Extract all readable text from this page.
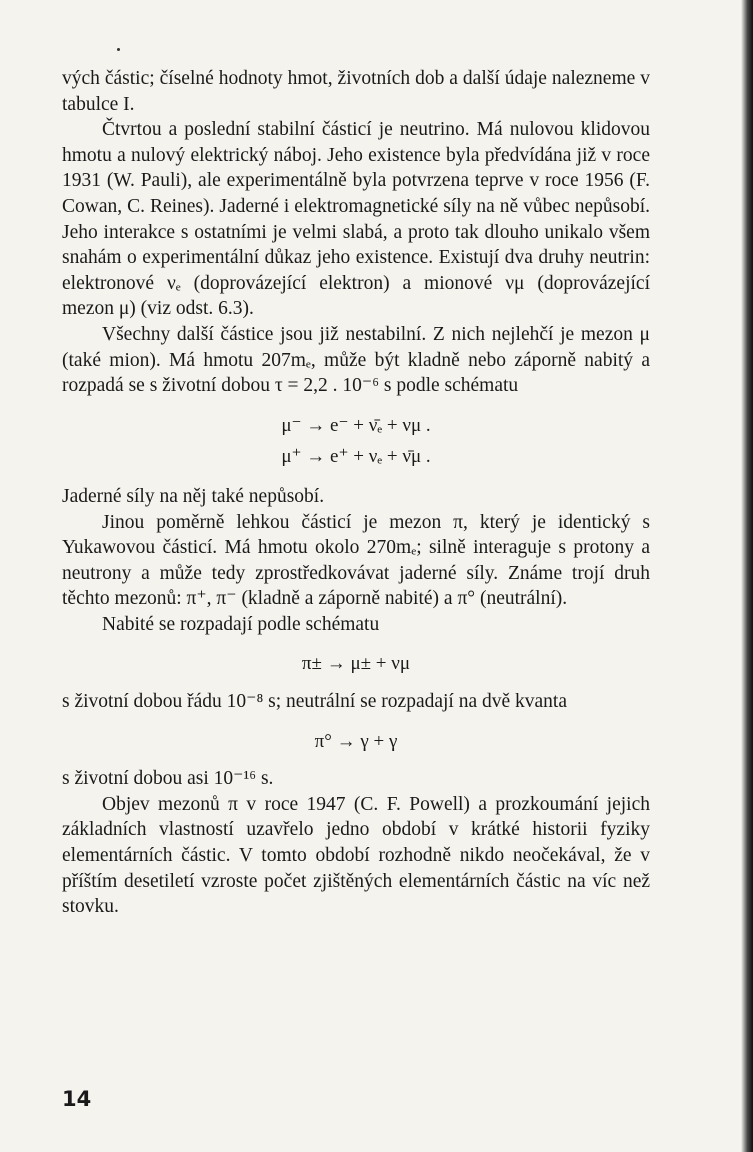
vých částic; číselné hodnoty hmot, životních dob a další údaje nalezneme v tabulce I.

Čtvrtou a poslední stabilní částicí je neutrino. Má nulovou klidovou hmotu a nulový elektrický náboj. Jeho existence byla předvídána již v roce 1931 (W. Pauli), ale experimentálně byla potvrzena teprve v roce 1956 (F. Cowan, C. Reines). Jaderné i elektromagnetické síly na ně vůbec nepůsobí. Jeho interakce s ostatními je velmi slabá, a proto tak dlouho unikalo všem snahám o experimentální důkaz jeho existence. Existují dva druhy neutrin: elektronové νₑ (doprovázející elektron) a mionové νμ (doprovázející mezon μ) (viz odst. 6.3).

Všechny další částice jsou již nestabilní. Z nich nejlehčí je mezon μ (také mion). Má hmotu 207mₑ, může být kladně nebo záporně nabitý a rozpadá se s životní dobou τ = 2,2 . 10⁻⁶ s podle schématu

μ⁻ → e⁻ + ν̄ₑ + νμ .

μ⁺ → e⁺ + νₑ + ν̄μ .

Jaderné síly na něj také nepůsobí.

Jinou poměrně lehkou částicí je mezon π, který je identický s Yukawovou částicí. Má hmotu okolo 270mₑ; silně interaguje s protony a neutrony a může tedy zprostředkovávat jaderné síly. Známe trojí druh těchto mezonů: π⁺, π⁻ (kladně a záporně nabité) a π° (neutrální).

Nabité se rozpadají podle schématu

π± → μ± + νμ

s životní dobou řádu 10⁻⁸ s; neutrální se rozpadají na dvě kvanta

π° → γ + γ

s životní dobou asi 10⁻¹⁶ s.

Objev mezonů π v roce 1947 (C. F. Powell) a prozkoumání jejich základních vlastností uzavřelo jedno období v krátké historii fyziky elementárních částic. V tomto období rozhodně nikdo neočekával, že v příštím desetiletí vzroste počet zjištěných elementárních částic na víc než stovku.

14
